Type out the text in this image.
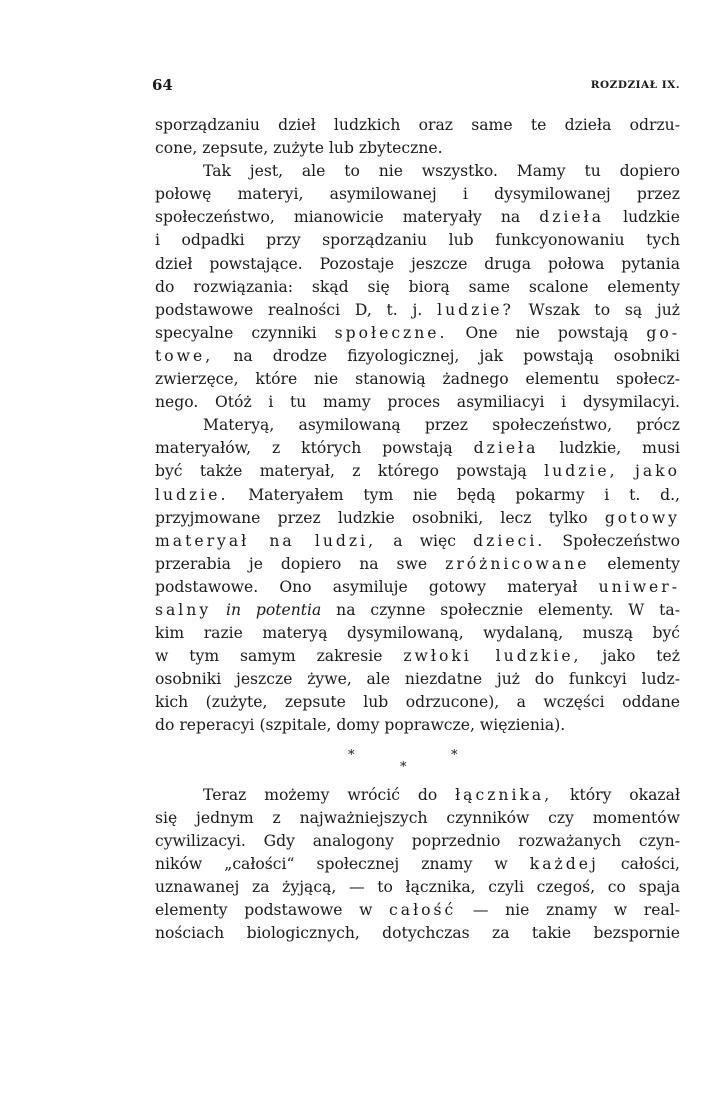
64	ROZDZIAŁ IX.
sporządzaniu dzieł ludzkich oraz same te dzieła odrzu-
cone, zepsute, zużyte lub zbyteczne.
Tak jest, ale to nie wszystko. Mamy tu dopiero
połowę materyi, asymilowanej i dysymilowanej przez
społeczeństwo, mianowicie materyały na dzieła ludzkie
i odpadki przy sporządzaniu lub funkcyonowaniu tych
dzieł powstające. Pozostaje jeszcze druga połowa pytania
do rozwiązania: skąd się biorą same scalone elementy
podstawowe realności D, t. j. ludzie? Wszak to są już
specyalne czynniki społeczne. One nie powstają go-
towe, na drodze fizyologicznej, jak powstają osobniki
zwierzęce, które nie stanowią żadnego elementu społecz-
nego. Otóż i tu mamy proces asymiliacyi i dysymilacyi.
Materyą, asymilowaną przez społeczeństwo, prócz
materyałów, z których powstają dzieła ludzkie, musi
być także materyał, z którego powstają ludzie, jako
ludzie. Materyałem tym nie będą pokarmy i t. d.,
przyjmowane przez ludzkie osobniki, lecz tylko gotowy
materyał na ludzi, a więc dzieci. Społeczeństwo
przerabia je dopiero na swe zróżnicowane elementy
podstawowe. Ono asymiluje gotowy materyał uniwer-
salny in potentia na czynne społecznie elementy. W ta-
kim razie materyą dysymilowaną, wydalaną, muszą być
w tym samym zakresie zwłoki ludzkie, jako też
osobniki jeszcze żywe, ale niezdatne już do funkcyi ludz-
kich (zużyte, zepsute lub odrzucone), a wczęści oddane
do reperacyi (szpitale, domy poprawcze, więzienia).
*
*
*
Teraz możemy wrócić do łącznika, który okazał
się jednym z najważniejszych czynników czy momentów
cywilizacyi. Gdy analogony poprzednio rozważanych czyn-
ników „całości“ społecznej znamy w każdej całości,
uznawanej za żyjącą, — to łącznika, czyli czegoś, co spaja
elementy podstawowe w całość — nie znamy w real-
nościach biologicznych, dotychczas za takie bezspornie
